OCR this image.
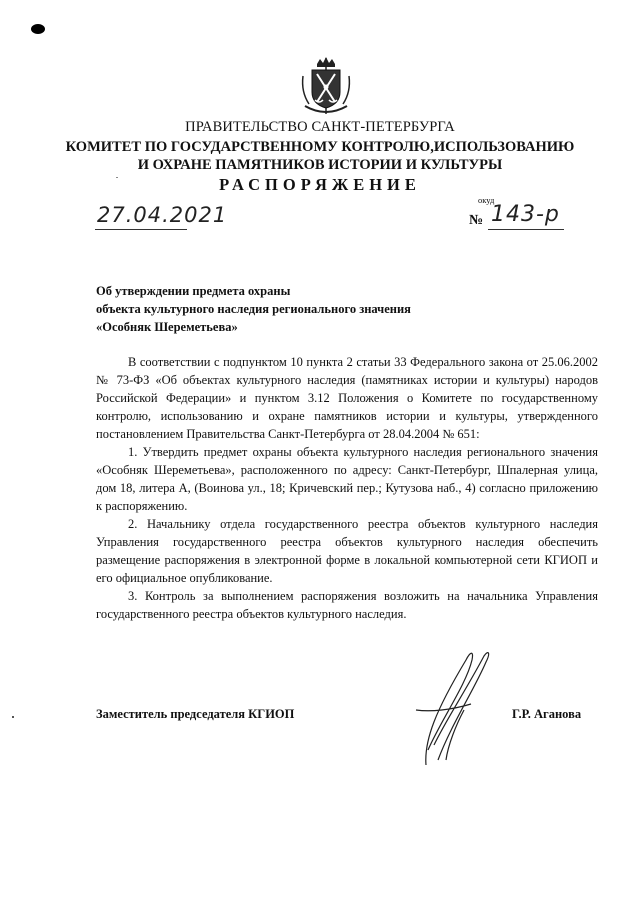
ПРАВИТЕЛЬСТВО САНКТ-ПЕТЕРБУРГА
КОМИТЕТ ПО ГОСУДАРСТВЕННОМУ КОНТРОЛЮ,ИСПОЛЬЗОВАНИЮ
И ОХРАНЕ ПАМЯТНИКОВ ИСТОРИИ И КУЛЬТУРЫ
РАСПОРЯЖЕНИЕ
окуд
27.04.2021	№ 143-р
Об утверждении предмета охраны
объекта культурного наследия регионального значения
«Особняк Шереметьева»

В соответствии с подпунктом 10 пункта 2 статьи 33 Федерального закона от 25.06.2002 № 73-ФЗ «Об объектах культурного наследия (памятниках истории и культуры) народов Российской Федерации» и пунктом 3.12 Положения о Комитете по государственному контролю, использованию и охране памятников истории и культуры, утвержденного постановлением Правительства Санкт-Петербурга от 28.04.2004 № 651:

1. Утвердить предмет охраны объекта культурного наследия регионального значения «Особняк Шереметьева», расположенного по адресу: Санкт-Петербург, Шпалерная улица, дом 18, литера А, (Воинова ул., 18; Кричевский пер.; Кутузова наб., 4) согласно приложению к распоряжению.

2. Начальнику отдела государственного реестра объектов культурного наследия Управления государственного реестра объектов культурного наследия обеспечить размещение распоряжения в электронной форме в локальной компьютерной сети КГИОП и его официальное опубликование.

3. Контроль за выполнением распоряжения возложить на начальника Управления государственного реестра объектов культурного наследия.

Заместитель председателя КГИОП	Г.Р. Аганова
